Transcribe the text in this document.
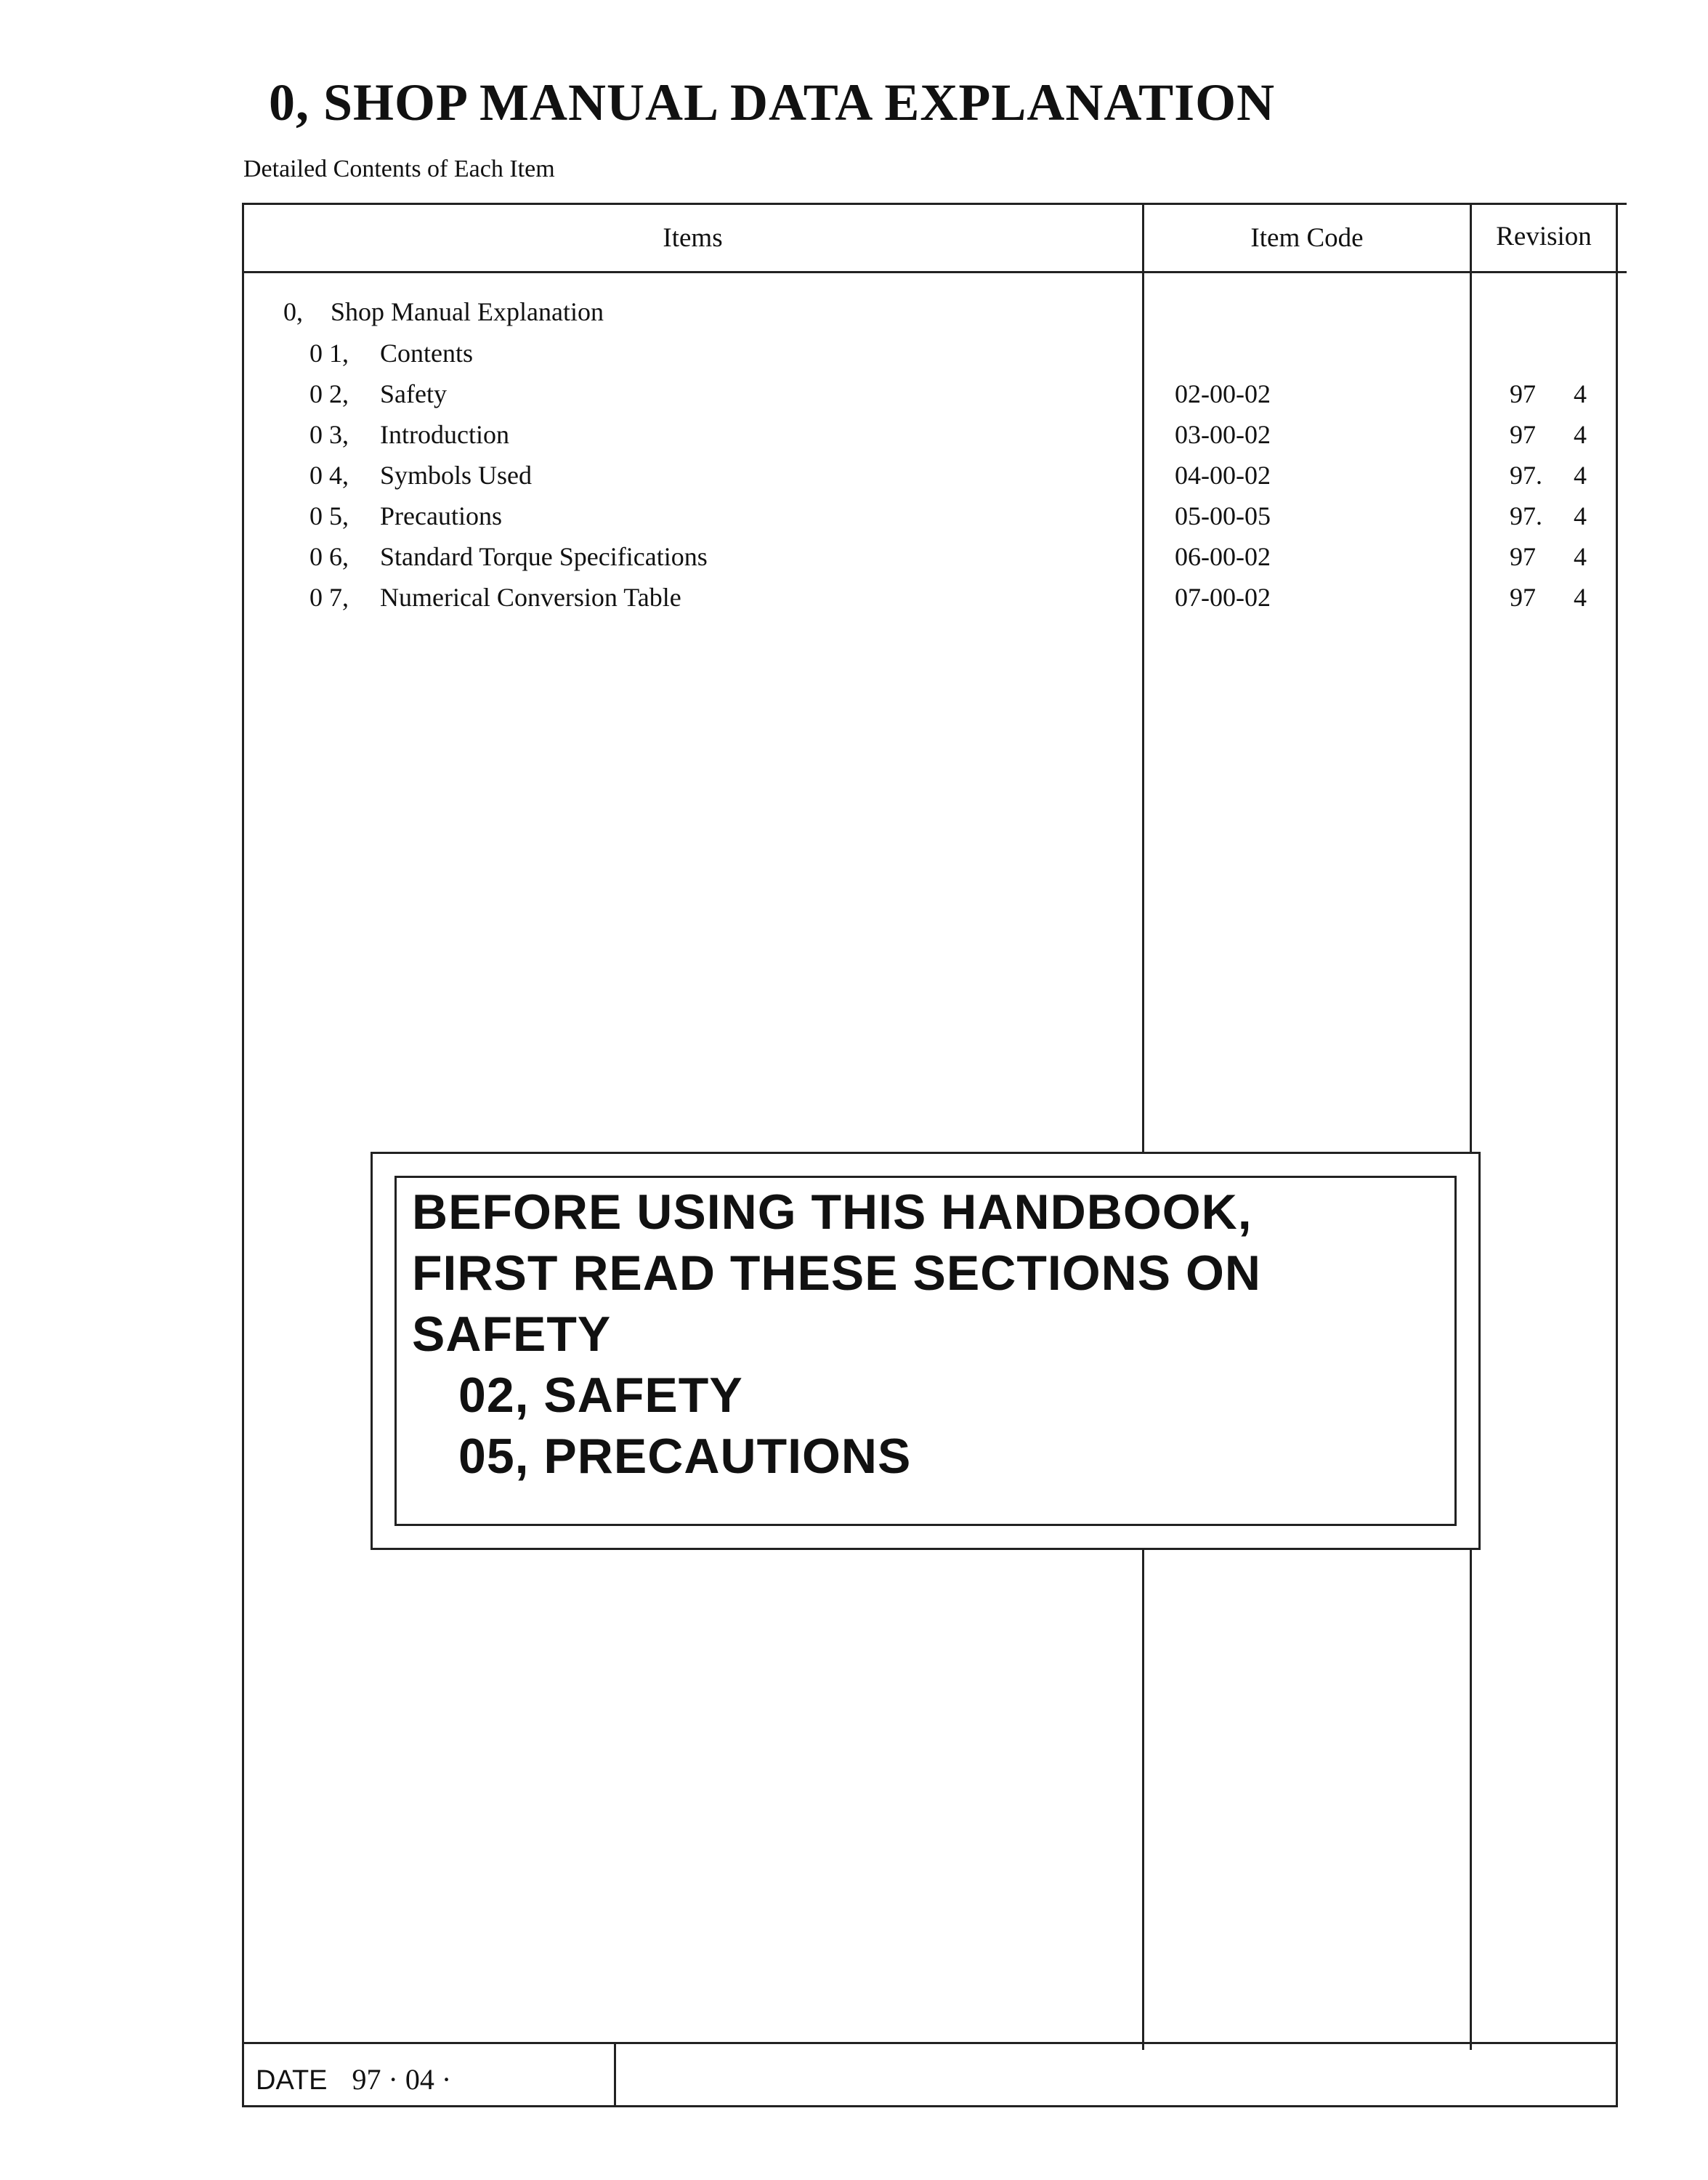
0, SHOP MANUAL DATA EXPLANATION
Detailed Contents of Each Item
Items	Item Code	Revision
0, Shop Manual Explanation
0 1, Contents
0 2, Safety	02-00-02	97 4
0 3, Introduction	03-00-02	97 4
0 4, Symbols Used	04-00-02	97. 4
0 5, Precautions	05-00-05	97. 4
0 6, Standard Torque Specifications	06-00-02	97 4
0 7, Numerical Conversion Table	07-00-02	97 4
BEFORE USING THIS HANDBOOK,
FIRST READ THESE SECTIONS ON
SAFETY
02, SAFETY
05, PRECAUTIONS
DATE 97 · 04 ·
